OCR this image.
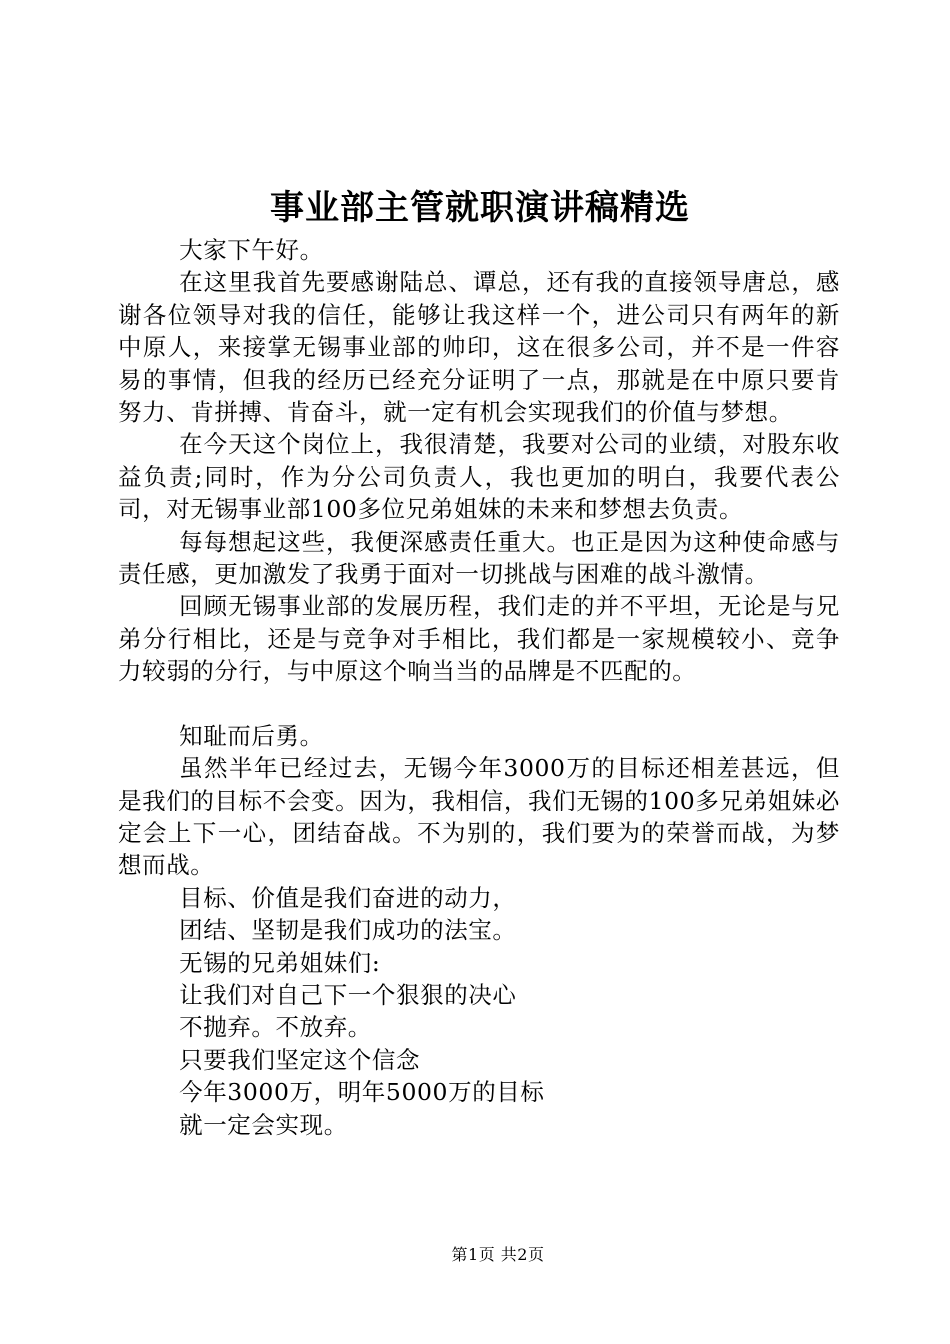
事业部主管就职演讲稿精选

大家下午好。

在这里我首先要感谢陆总、谭总，还有我的直接领导唐总，感谢各位领导对我的信任，能够让我这样一个，进公司只有两年的新中原人，来接掌无锡事业部的帅印，这在很多公司，并不是一件容易的事情，但我的经历已经充分证明了一点，那就是在中原只要肯努力、肯拼搏、肯奋斗，就一定有机会实现我们的价值与梦想。

在今天这个岗位上，我很清楚，我要对公司的业绩，对股东收益负责;同时，作为分公司负责人，我也更加的明白，我要代表公司，对无锡事业部100多位兄弟姐妹的未来和梦想去负责。

每每想起这些，我便深感责任重大。也正是因为这种使命感与责任感，更加激发了我勇于面对一切挑战与困难的战斗激情。

回顾无锡事业部的发展历程，我们走的并不平坦，无论是与兄弟分行相比，还是与竞争对手相比，我们都是一家规模较小、竞争力较弱的分行，与中原这个响当当的品牌是不匹配的。

知耻而后勇。

虽然半年已经过去，无锡今年3000万的目标还相差甚远，但是我们的目标不会变。因为，我相信，我们无锡的100多兄弟姐妹必定会上下一心，团结奋战。不为别的，我们要为的荣誉而战，为梦想而战。

目标、价值是我们奋进的动力，

团结、坚韧是我们成功的法宝。

无锡的兄弟姐妹们:

让我们对自己下一个狠狠的决心

不抛弃。不放弃。

只要我们坚定这个信念

今年3000万，明年5000万的目标

就一定会实现。

第1页 共2页
